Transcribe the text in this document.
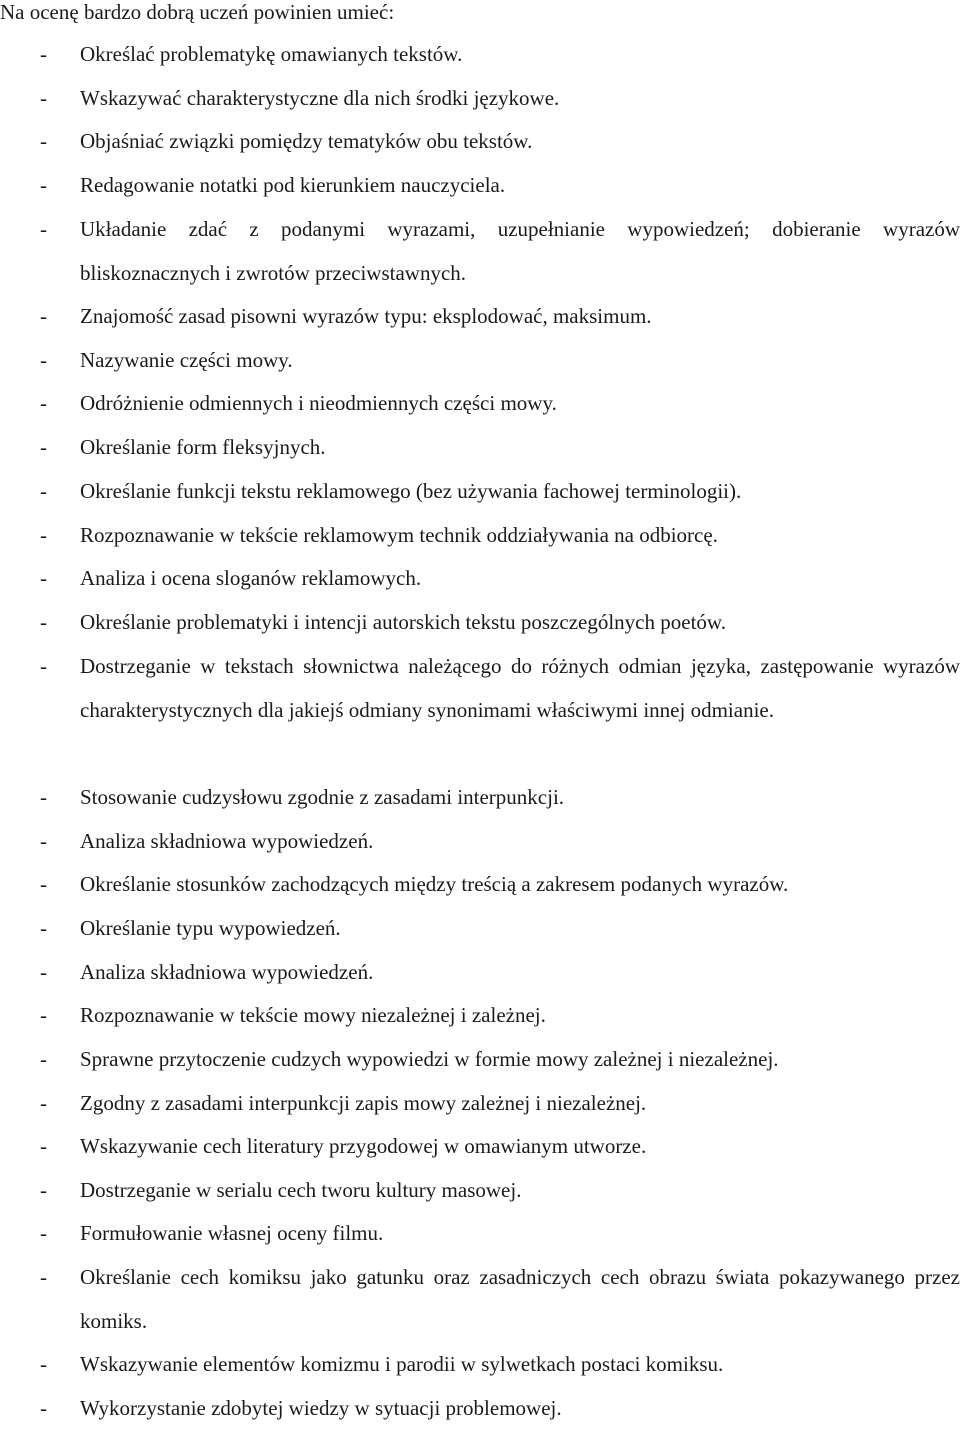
Na ocenę bardzo dobrą uczeń powinien umieć:

- Określać problematykę omawianych tekstów.
- Wskazywać charakterystyczne dla nich środki językowe.
- Objaśniać związki pomiędzy tematyków obu tekstów.
- Redagowanie notatki pod kierunkiem nauczyciela.
- Układanie zdać z podanymi wyrazami, uzupełnianie wypowiedzeń; dobieranie wyrazów bliskoznacznych i zwrotów przeciwstawnych.
- Znajomość zasad pisowni wyrazów typu: eksplodować, maksimum.
- Nazywanie części mowy.
- Odróżnienie odmiennych i nieodmiennych części mowy.
- Określanie form fleksyjnych.
- Określanie funkcji tekstu reklamowego (bez używania fachowej terminologii).
- Rozpoznawanie w tekście reklamowym technik oddziaływania na odbiorcę.
- Analiza i ocena sloganów reklamowych.
- Określanie problematyki i intencji autorskich tekstu poszczególnych poetów.
- Dostrzeganie w tekstach słownictwa należącego do różnych odmian języka, zastępowanie wyrazów charakterystycznych dla jakiejś odmiany synonimami właściwymi innej odmianie.
- Stosowanie cudzysłowu zgodnie z zasadami interpunkcji.
- Analiza składniowa wypowiedzeń.
- Określanie stosunków zachodzących między treścią a zakresem podanych wyrazów.
- Określanie typu wypowiedzeń.
- Analiza składniowa wypowiedzeń.
- Rozpoznawanie w tekście mowy niezależnej i zależnej.
- Sprawne przytoczenie cudzych wypowiedzi w formie mowy zależnej i niezależnej.
- Zgodny z zasadami interpunkcji zapis mowy zależnej i niezależnej.
- Wskazywanie cech literatury przygodowej w omawianym utworze.
- Dostrzeganie w serialu cech tworu kultury masowej.
- Formułowanie własnej oceny filmu.
- Określanie cech komiksu jako gatunku oraz zasadniczych cech obrazu świata pokazywanego przez komiks.
- Wskazywanie elementów komizmu i parodii w sylwetkach postaci komiksu.
- Wykorzystanie zdobytej wiedzy w sytuacji problemowej.
